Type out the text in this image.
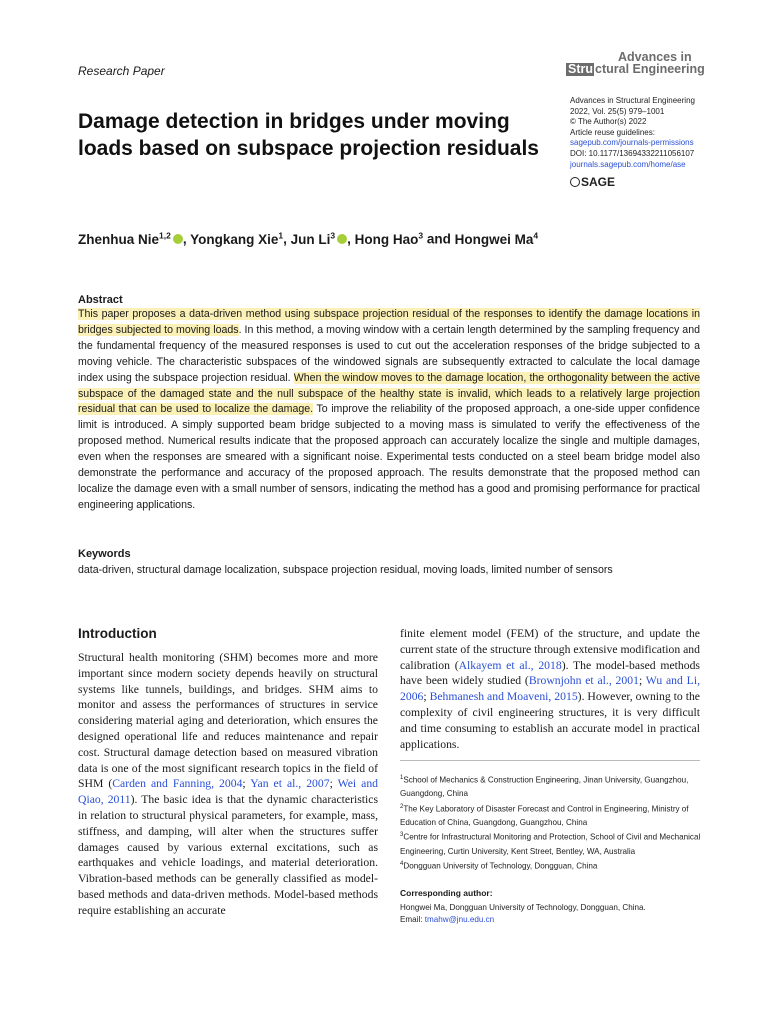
Research Paper
Advances in
Stru ctural Engineering
Damage detection in bridges under moving loads based on subspace projection residuals
Advances in Structural Engineering
2022, Vol. 25(5) 979–1001
© The Author(s) 2022
Article reuse guidelines:
sagepub.com/journals-permissions
DOI: 10.1177/13694332211056107
journals.sagepub.com/home/ase
SAGE
Zhenhua Nie$^{1,2}$ , Yongkang Xie$^1$, Jun Li$^3$ , Hong Hao$^3$ and Hongwei Ma$^4$
Abstract
This paper proposes a data-driven method using subspace projection residual of the responses to identify the damage locations in bridges subjected to moving loads. In this method, a moving window with a certain length determined by the sampling frequency and the fundamental frequency of the measured responses is used to cut out the acceleration responses of the bridge subjected to a moving vehicle. The characteristic subspaces of the windowed signals are subsequently extracted to calculate the local damage index using the subspace projection residual. When the window moves to the damage location, the orthogonality between the active subspace of the damaged state and the null subspace of the healthy state is invalid, which leads to a relatively large projection residual that can be used to localize the damage. To improve the reliability of the proposed approach, a one-side upper confidence limit is introduced. A simply supported beam bridge subjected to a moving mass is simulated to verify the effectiveness of the proposed method. Numerical results indicate that the proposed approach can accurately localize the single and multiple damages, even when the responses are smeared with a significant noise. Experimental tests conducted on a steel beam bridge model also demonstrate the performance and accuracy of the proposed approach. The results demonstrate that the proposed method can localize the damage even with a small number of sensors, indicating the method has a good and promising performance for practical engineering applications.
Keywords
data-driven, structural damage localization, subspace projection residual, moving loads, limited number of sensors
Introduction
Structural health monitoring (SHM) becomes more and more important since modern society depends heavily on structural systems like tunnels, buildings, and bridges. SHM aims to monitor and assess the performances of structures in service considering material aging and deterioration, which ensures the designed operational life and reduces maintenance and repair cost. Structural damage detection based on measured vibration data is one of the most significant research topics in the field of SHM (Carden and Fanning, 2004; Yan et al., 2007; Wei and Qiao, 2011). The basic idea is that the dynamic characteristics in relation to structural physical parameters, for example, mass, stiffness, and damping, will alter when the structures suffer damages caused by various external excitations, such as earthquakes and vehicle loadings, and material deterioration. Vibration-based methods can be generally classified as model-based methods and data-driven methods. Model-based methods require establishing an accurate
finite element model (FEM) of the structure, and update the current state of the structure through extensive modification and calibration (Alkayem et al., 2018). The model-based methods have been widely studied (Brownjohn et al., 2001; Wu and Li, 2006; Behmanesh and Moaveni, 2015). However, owning to the complexity of civil engineering structures, it is very difficult and time consuming to establish an accurate model in practical applications.
$^1$School of Mechanics & Construction Engineering, Jinan University, Guangzhou, Guangdong, China
$^2$The Key Laboratory of Disaster Forecast and Control in Engineering, Ministry of Education of China, Guangdong, Guangzhou, China
$^3$Centre for Infrastructural Monitoring and Protection, School of Civil and Mechanical Engineering, Curtin University, Kent Street, Bentley, WA, Australia
$^4$Dongguan University of Technology, Dongguan, China
Corresponding author:
Hongwei Ma, Dongguan University of Technology, Dongguan, China.
Email: tmahw@jnu.edu.cn
